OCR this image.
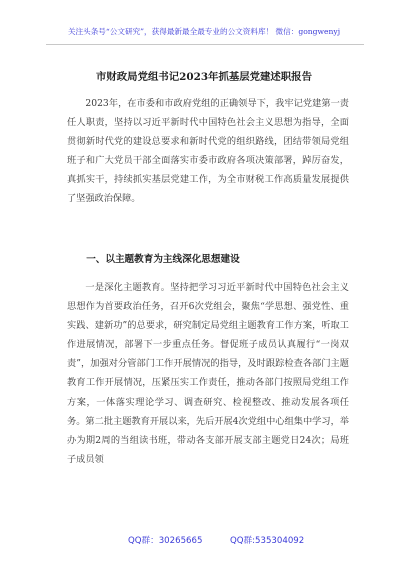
关注头条号“公文研究”，获得最新最全最专业的公文资料库！ 微信：gongwenyj
市财政局党组书记2023年抓基层党建述职报告

2023年，在市委和市政府党组的正确领导下，我牢记党建第一责任人职责，坚持以习近平新时代中国特色社会主义思想为指导，全面贯彻新时代党的建设总要求和新时代党的组织路线，团结带领局党组班子和广大党员干部全面落实市委市政府各项决策部署，踔厉奋发，真抓实干，持续抓实基层党建工作，为全市财税工作高质量发展提供了坚强政治保障。

一、以主题教育为主线深化思想建设

一是深化主题教育。坚持把学习习近平新时代中国特色社会主义思想作为首要政治任务，召开6次党组会，聚焦“学思想、强党性、重实践、建新功”的总要求，研究制定局党组主题教育工作方案，听取工作进展情况，部署下一步重点任务。督促班子成员认真履行“一岗双责”，加强对分管部门工作开展情况的指导，及时跟踪检查各部门主题教育工作开展情况，压紧压实工作责任，推动各部门按照局党组工作方案，一体落实理论学习、调查研究、检视整改、推动发展各项任务。第二批主题教育开展以来，先后开展4次党组中心组集中学习，举办为期2周的当组读书班，带动各支部开展支部主题党日24次；局班子成员领

QQ群：30265665	QQ群:535304092
